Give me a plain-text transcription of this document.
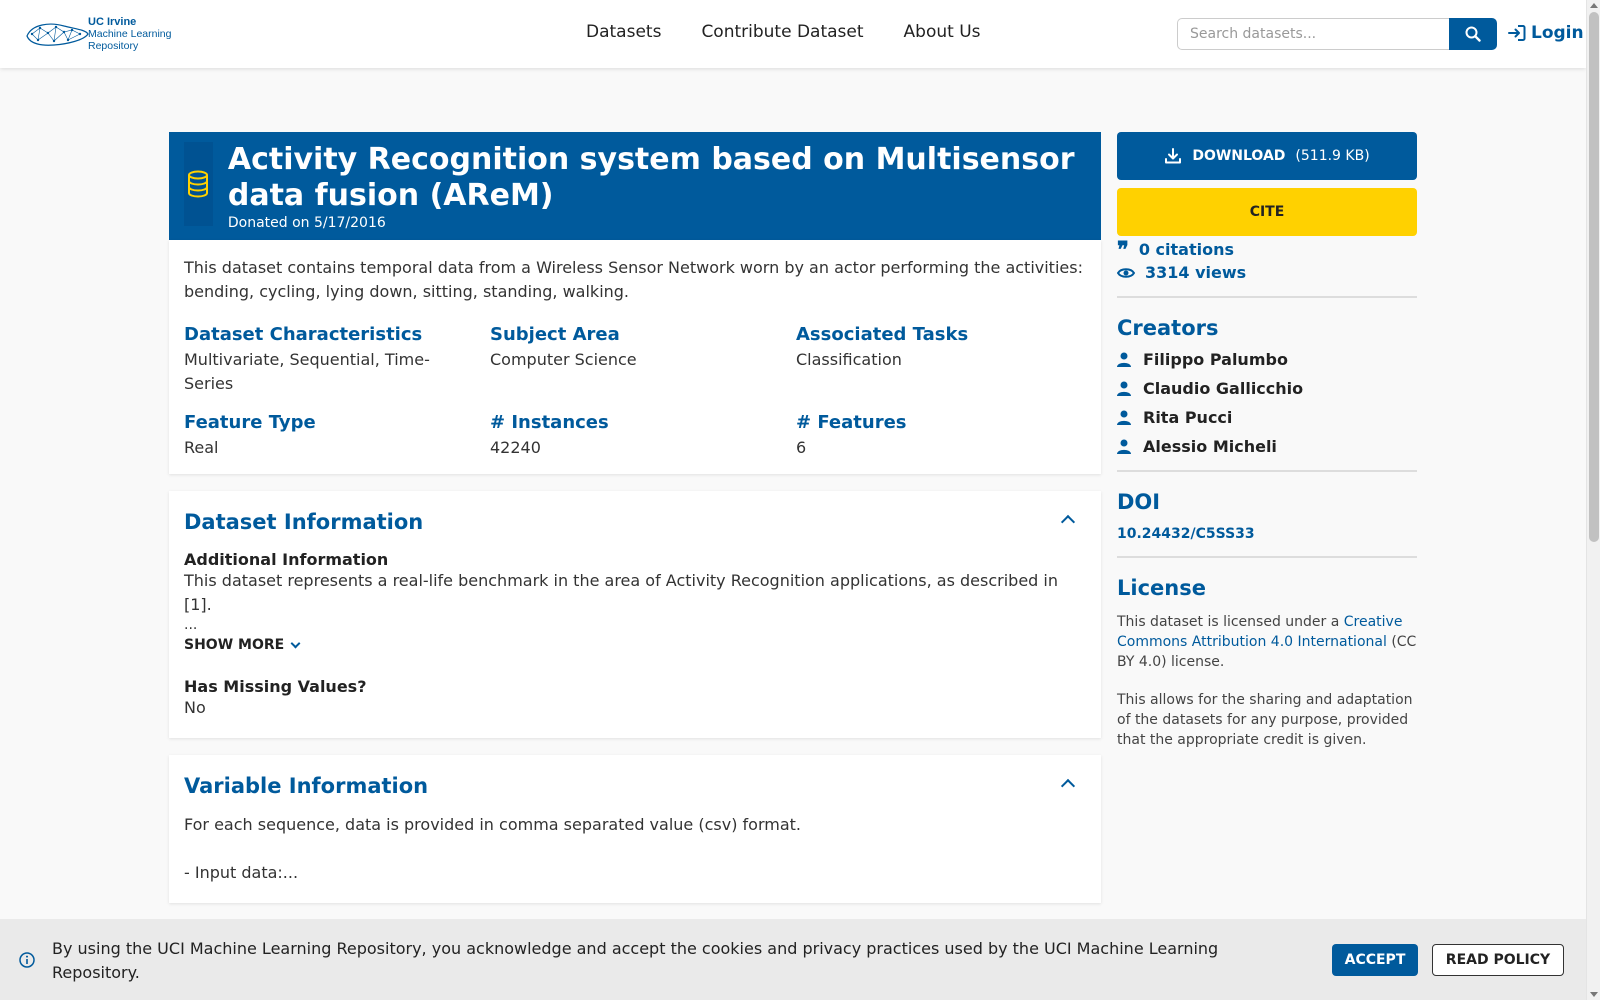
UC Irvine
Machine Learning
Repository
Datasets Contribute Dataset About Us
Search datasets...	Login
Activity Recognition system based on Multisensor data fusion (AReM)
Donated on 5/17/2016

This dataset contains temporal data from a Wireless Sensor Network worn by an actor performing the activities: bending, cycling, lying down, sitting, standing, walking.

Dataset Characteristics
Multivariate, Sequential, Time-Series
Subject Area
Computer Science
Associated Tasks
Classification
Feature Type
Real
# Instances
42240
# Features
6
Dataset Information
Additional Information

This dataset represents a real-life benchmark in the area of Activity Recognition applications, as described in [1].

...
SHOW MORE
Has Missing Values?
No
Variable Information

For each sequence, data is provided in comma separated value (csv) format.

- Input data:...

DOWNLOAD (511.9 KB)
CITE
❞ 0 citations
3314 views
Creators
Filippo Palumbo
Claudio Gallicchio
Rita Pucci
Alessio Micheli
DOI
10.24432/C5SS33
License

This dataset is licensed under a Creative Commons Attribution 4.0 International (CC BY 4.0) license.

This allows for the sharing and adaptation of the datasets for any purpose, provided that the appropriate credit is given.

By using the UCI Machine Learning Repository, you acknowledge and accept the cookies and privacy practices used by the UCI Machine Learning Repository.

ACCEPT	READ POLICY
